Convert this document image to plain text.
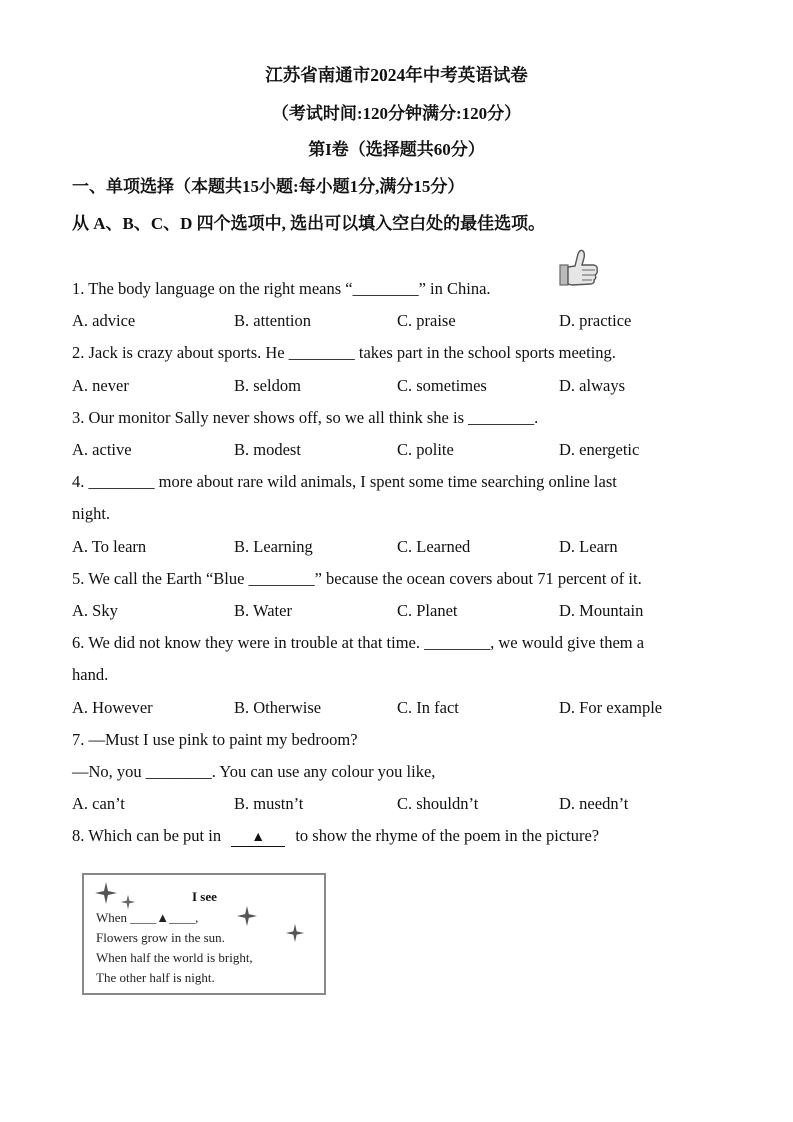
江苏省南通市2024年中考英语试卷
（考试时间:120分钟满分:120分）
第I卷（选择题共60分）
一、单项选择（本题共15小题:每小题1分,满分15分）
从 A、B、C、D 四个选项中, 选出可以填入空白处的最佳选项。
1. The body language on the right means “________” in China.
A. advice	B. attention	C. praise	D. practice
2. Jack is crazy about sports. He ________ takes part in the school sports meeting.
A. never	B. seldom	C. sometimes	D. always
3. Our monitor Sally never shows off, so we all think she is ________.
A. active	B. modest	C. polite	D. energetic
4. ________ more about rare wild animals, I spent some time searching online last
night.
A. To learn	B. Learning	C. Learned	D. Learn
5. We call the Earth “Blue ________” because the ocean covers about 71 percent of it.
A. Sky	B. Water	C. Planet	D. Mountain
6. We did not know they were in trouble at that time. ________, we would give them a
hand.
A. However	B. Otherwise	C. In fact	D. For example
7. —Must I use pink to paint my bedroom?
—No, you ________. You can use any colour you like,
A. can’t	B. mustn’t	C. shouldn’t	D. needn’t
8. Which can be put in ▲ to show the rhyme of the poem in the picture?
I see
When ____▲____,
Flowers grow in the sun.
When half the world is bright,
The other half is night.
